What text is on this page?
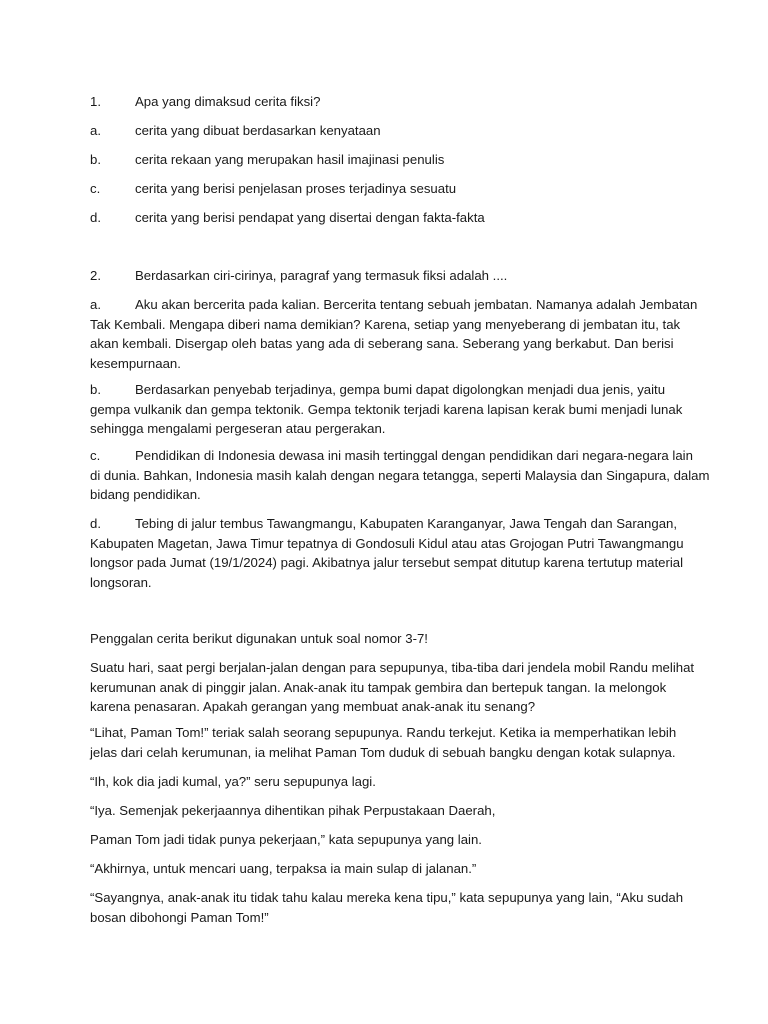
1.	Apa yang dimaksud cerita fiksi?
a.	cerita yang dibuat berdasarkan kenyataan
b.	cerita rekaan yang merupakan hasil imajinasi penulis
c.	cerita yang berisi penjelasan proses terjadinya sesuatu
d.	cerita yang berisi pendapat yang disertai dengan fakta-fakta
2.	Berdasarkan ciri-cirinya, paragraf yang termasuk fiksi adalah ....
a.	Aku akan bercerita pada kalian. Bercerita tentang sebuah jembatan. Namanya adalah Jembatan
Tak Kembali. Mengapa diberi nama demikian? Karena, setiap yang menyeberang di jembatan itu, tak
akan kembali. Disergap oleh batas yang ada di seberang sana. Seberang yang berkabut. Dan berisi
kesempurnaan.
b.	Berdasarkan penyebab terjadinya, gempa bumi dapat digolongkan menjadi dua jenis, yaitu
gempa vulkanik dan gempa tektonik. Gempa tektonik terjadi karena lapisan kerak bumi menjadi lunak
sehingga mengalami pergeseran atau pergerakan.
c.	Pendidikan di Indonesia dewasa ini masih tertinggal dengan pendidikan dari negara-negara lain
di dunia. Bahkan, Indonesia masih kalah dengan negara tetangga, seperti Malaysia dan Singapura, dalam
bidang pendidikan.
d.	Tebing di jalur tembus Tawangmangu, Kabupaten Karanganyar, Jawa Tengah dan Sarangan,
Kabupaten Magetan, Jawa Timur tepatnya di Gondosuli Kidul atau atas Grojogan Putri Tawangmangu
longsor pada Jumat (19/1/2024) pagi. Akibatnya jalur tersebut sempat ditutup karena tertutup material
longsoran.
Penggalan cerita berikut digunakan untuk soal nomor 3-7!
Suatu hari, saat pergi berjalan-jalan dengan para sepupunya, tiba-tiba dari jendela mobil Randu melihat
kerumunan anak di pinggir jalan. Anak-anak itu tampak gembira dan bertepuk tangan. Ia melongok
karena penasaran. Apakah gerangan yang membuat anak-anak itu senang?
“Lihat, Paman Tom!” teriak salah seorang sepupunya. Randu terkejut. Ketika ia memperhatikan lebih
jelas dari celah kerumunan, ia melihat Paman Tom duduk di sebuah bangku dengan kotak sulapnya.
“Ih, kok dia jadi kumal, ya?” seru sepupunya lagi.
“Iya. Semenjak pekerjaannya dihentikan pihak Perpustakaan Daerah,
Paman Tom jadi tidak punya pekerjaan,” kata sepupunya yang lain.
“Akhirnya, untuk mencari uang, terpaksa ia main sulap di jalanan.”
“Sayangnya, anak-anak itu tidak tahu kalau mereka kena tipu,” kata sepupunya yang lain, “Aku sudah
bosan dibohongi Paman Tom!”
